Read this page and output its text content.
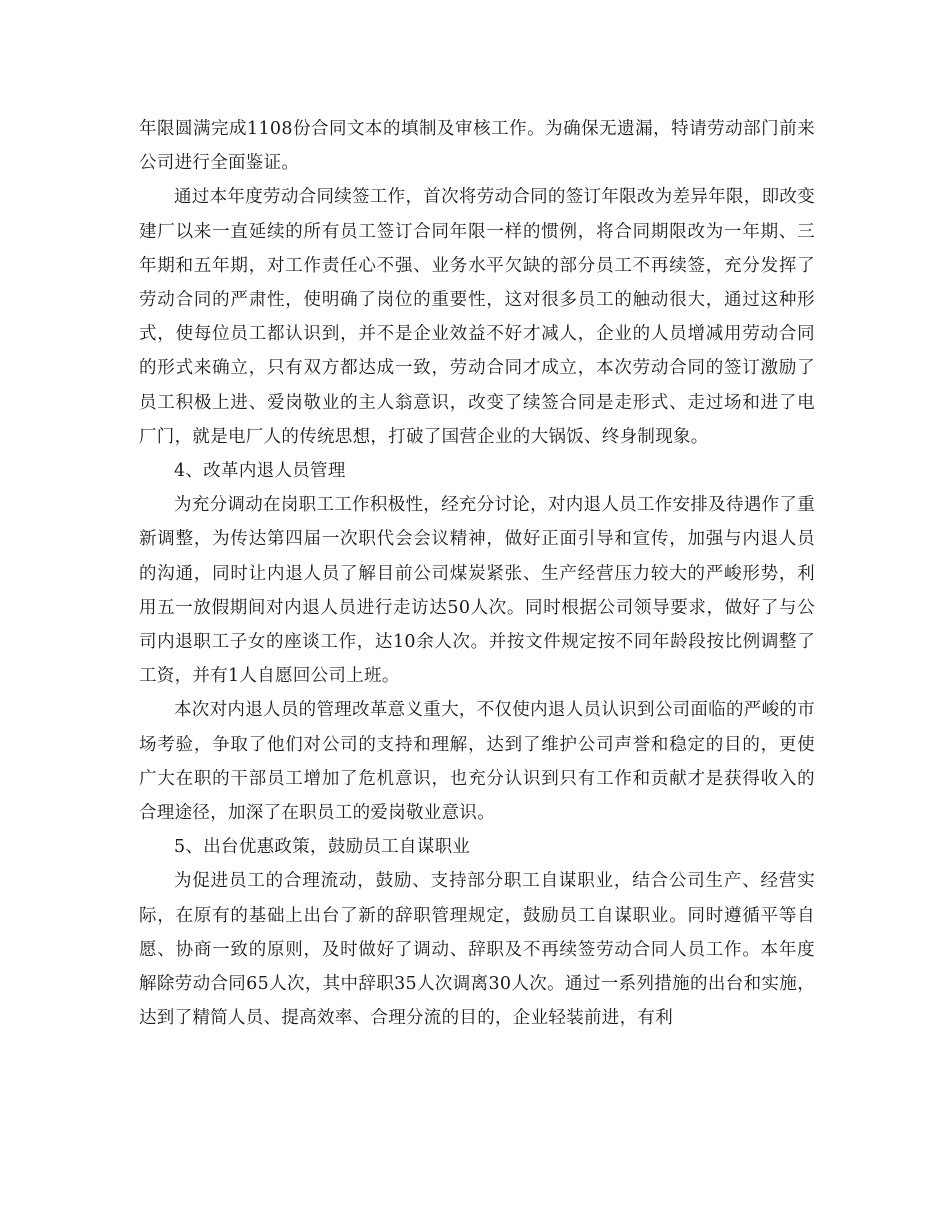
年限圆满完成1108份合同文本的填制及审核工作。为确保无遗漏，特请劳动部门前来公司进行全面鉴证。

通过本年度劳动合同续签工作，首次将劳动合同的签订年限改为差异年限，即改变建厂以来一直延续的所有员工签订合同年限一样的惯例，将合同期限改为一年期、三年期和五年期，对工作责任心不强、业务水平欠缺的部分员工不再续签，充分发挥了劳动合同的严肃性，使明确了岗位的重要性，这对很多员工的触动很大，通过这种形式，使每位员工都认识到，并不是企业效益不好才减人，企业的人员增减用劳动合同的形式来确立，只有双方都达成一致，劳动合同才成立，本次劳动合同的签订激励了员工积极上进、爱岗敬业的主人翁意识，改变了续签合同是走形式、走过场和进了电厂门，就是电厂人的传统思想，打破了国营企业的大锅饭、终身制现象。

4、改革内退人员管理

为充分调动在岗职工工作积极性，经充分讨论，对内退人员工作安排及待遇作了重新调整，为传达第四届一次职代会会议精神，做好正面引导和宣传，加强与内退人员的沟通，同时让内退人员了解目前公司煤炭紧张、生产经营压力较大的严峻形势，利用五一放假期间对内退人员进行走访达50人次。同时根据公司领导要求，做好了与公司内退职工子女的座谈工作，达10余人次。并按文件规定按不同年龄段按比例调整了工资，并有1人自愿回公司上班。

本次对内退人员的管理改革意义重大，不仅使内退人员认识到公司面临的严峻的市场考验，争取了他们对公司的支持和理解，达到了维护公司声誉和稳定的目的，更使广大在职的干部员工增加了危机意识，也充分认识到只有工作和贡献才是获得收入的合理途径，加深了在职员工的爱岗敬业意识。

5、出台优惠政策，鼓励员工自谋职业

为促进员工的合理流动，鼓励、支持部分职工自谋职业，结合公司生产、经营实际，在原有的基础上出台了新的辞职管理规定，鼓励员工自谋职业。同时遵循平等自愿、协商一致的原则，及时做好了调动、辞职及不再续签劳动合同人员工作。本年度解除劳动合同65人次，其中辞职35人次调离30人次。通过一系列措施的出台和实施，达到了精简人员、提高效率、合理分流的目的，企业轻装前进，有利
